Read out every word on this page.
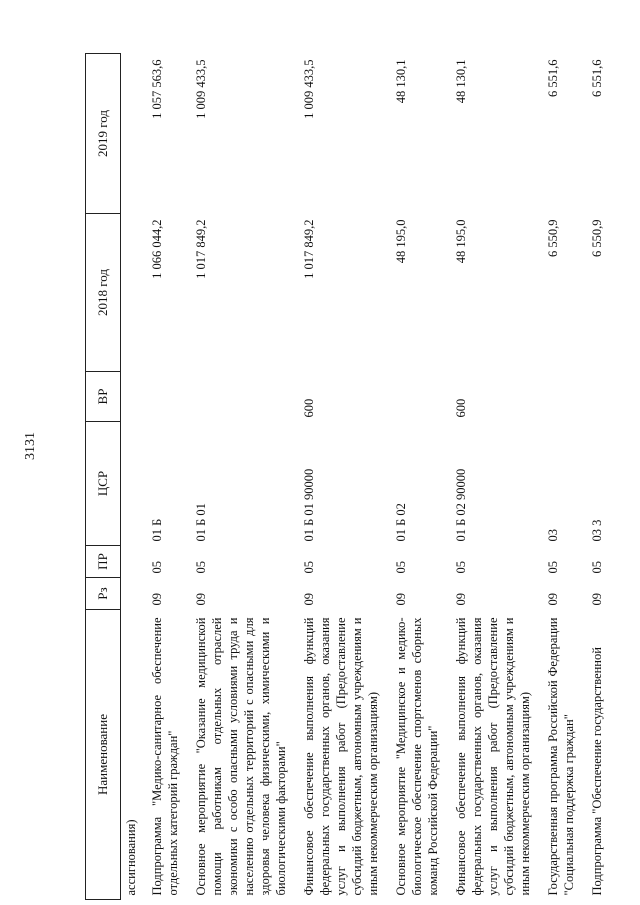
3131
Наименование	Рз	ПР	ЦСР	ВР	2018 год	2019 год
ассигнования)						
Подпрограмма "Медико-санитарное обеспечение отдельных категорий граждан"	09	05	01 Б		1 066 044,2	1 057 563,6
Основное мероприятие "Оказание медицинской помощи работникам отдельных отраслей экономики с особо опасными условиями труда и населению отдельных территорий с опасными для здоровья человека физическими, химическими и биологическими факторами"	09	05	01 Б 01		1 017 849,2	1 009 433,5
Финансовое обеспечение выполнения функций федеральных государственных органов, оказания услуг и выполнения работ (Предоставление субсидий бюджетным, автономным учреждениям и иным некоммерческим организациям)	09	05	01 Б 01 90000	600	1 017 849,2	1 009 433,5
Основное мероприятие "Медицинское и медико-биологическое обеспечение спортсменов сборных команд Российской Федерации"	09	05	01 Б 02		48 195,0	48 130,1
Финансовое обеспечение выполнения функций федеральных государственных органов, оказания услуг и выполнения работ (Предоставление субсидий бюджетным, автономным учреждениям и иным некоммерческим организациям)	09	05	01 Б 02 90000	600	48 195,0	48 130,1
Государственная программа Российской Федерации "Социальная поддержка граждан"	09	05	03		6 550,9	6 551,6
Подпрограмма "Обеспечение государственной	09	05	03 3		6 550,9	6 551,6
